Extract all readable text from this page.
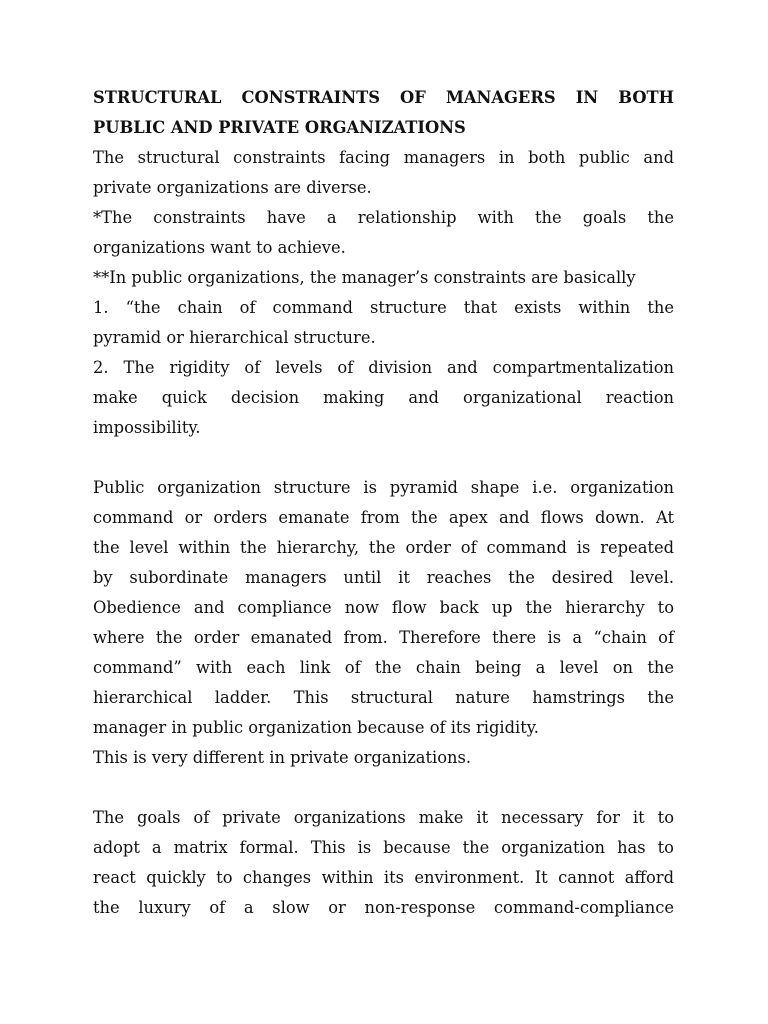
STRUCTURAL CONSTRAINTS OF MANAGERS IN BOTH
PUBLIC AND PRIVATE ORGANIZATIONS
The structural constraints facing managers in both public and
private organizations are diverse.
*The constraints have a relationship with the goals the
organizations want to achieve.
**In public organizations, the manager’s constraints are basically
1. “the chain of command structure that exists within the
pyramid or hierarchical structure.
2. The rigidity of levels of division and compartmentalization
make quick decision making and organizational reaction
impossibility.
Public organization structure is pyramid shape i.e. organization
command or orders emanate from the apex and flows down. At
the level within the hierarchy, the order of command is repeated
by subordinate managers until it reaches the desired level.
Obedience and compliance now flow back up the hierarchy to
where the order emanated from. Therefore there is a “chain of
command” with each link of the chain being a level on the
hierarchical ladder. This structural nature hamstrings the
manager in public organization because of its rigidity.
This is very different in private organizations.
The goals of private organizations make it necessary for it to
adopt a matrix formal. This is because the organization has to
react quickly to changes within its environment. It cannot afford
the luxury of a slow or non-response command-compliance
